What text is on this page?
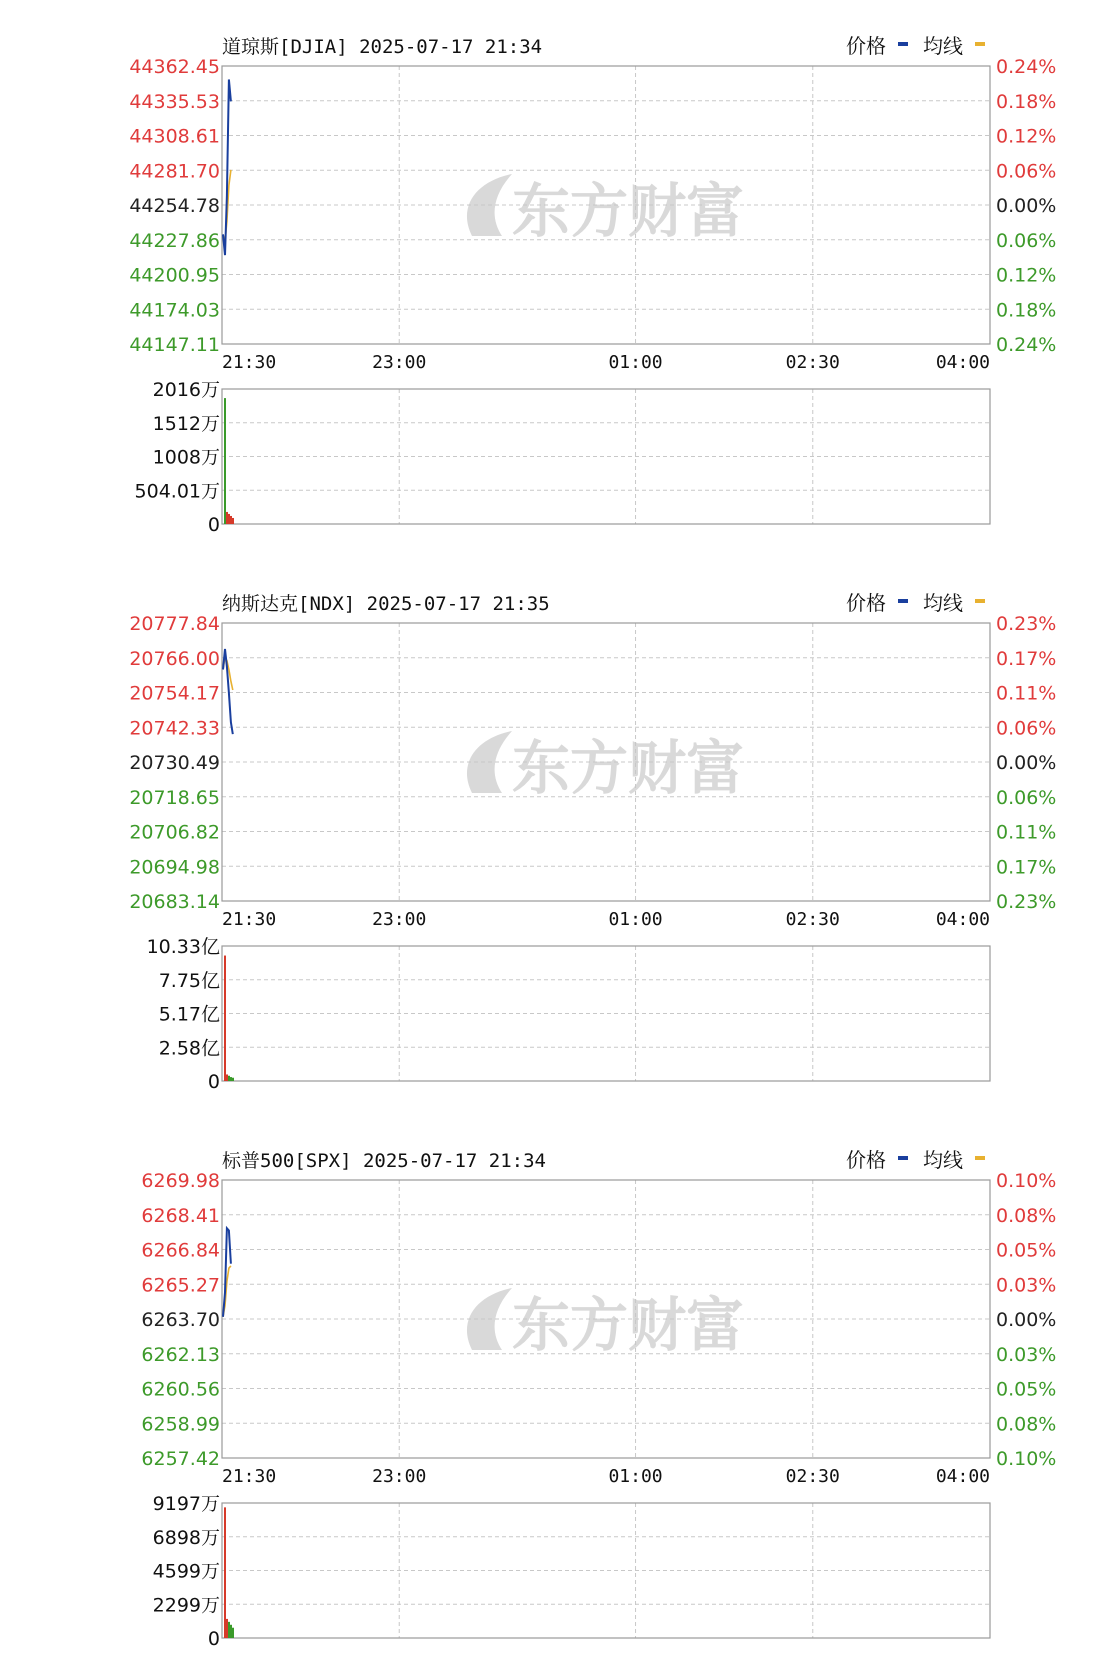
道琼斯[DJIA] 2025-07-17 21:34	价格 均线
东方财富
44362.45
44335.53
44308.61
44281.70
44254.78
44227.86
44200.95
44174.03
44147.11
0.24%
0.18%
0.12%
0.06%
0.00%
0.06%
0.12%
0.18%
0.24%
21:30	23:00	01:00	02:30	04:00
2016万
1512万
1008万
504.01万
0
纳斯达克[NDX] 2025-07-17 21:35	价格 均线
东方财富
20777.84
20766.00
20754.17
20742.33
20730.49
20718.65
20706.82
20694.98
20683.14
0.23%
0.17%
0.11%
0.06%
0.00%
0.06%
0.11%
0.17%
0.23%
21:30	23:00	01:00	02:30	04:00
10.33亿
7.75亿
5.17亿
2.58亿
0
标普500[SPX] 2025-07-17 21:34	价格 均线
东方财富
6269.98
6268.41
6266.84
6265.27
6263.70
6262.13
6260.56
6258.99
6257.42
0.10%
0.08%
0.05%
0.03%
0.00%
0.03%
0.05%
0.08%
0.10%
21:30	23:00	01:00	02:30	04:00
9197万
6898万
4599万
2299万
0
